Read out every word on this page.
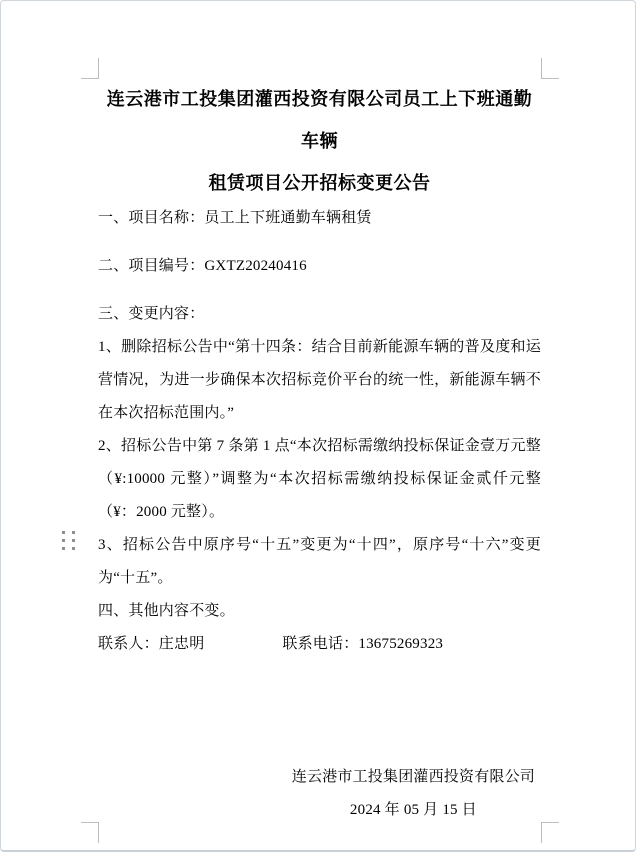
连云港市工投集团灌西投资有限公司员工上下班通勤车辆
租赁项目公开招标变更公告

一、项目名称：员工上下班通勤车辆租赁

二、项目编号：GXTZ20240416

三、变更内容：

1、删除招标公告中“第十四条：结合目前新能源车辆的普及度和运营情况，为进一步确保本次招标竞价平台的统一性，新能源车辆不在本次招标范围内。”

2、招标公告中第 7 条第 1 点“本次招标需缴纳投标保证金壹万元整（¥:10000 元整）”调整为“本次招标需缴纳投标保证金贰仟元整（¥：2000 元整）。

3、招标公告中原序号“十五”变更为“十四”，原序号“十六”变更为“十五”。

四、其他内容不变。

联系人：庄忠明	联系电话：13675269323

连云港市工投集团灌西投资有限公司

2024 年 05 月 15 日
